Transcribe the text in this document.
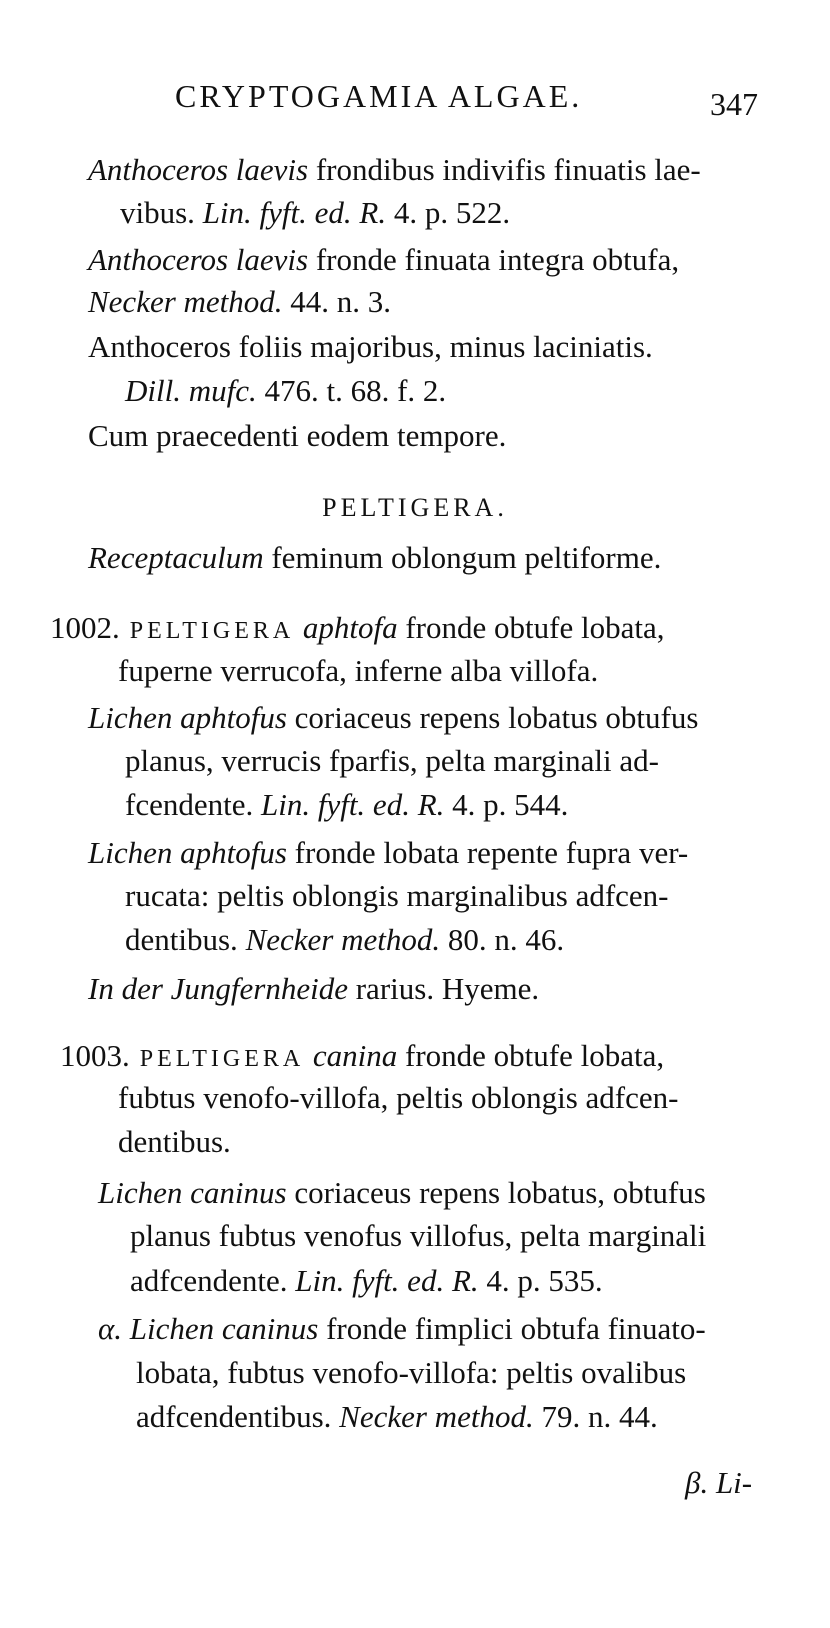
CRYPTOGAMIA ALGAE.	347
Anthoceros laevis frondibus indivifis finuatis lae-
vibus. Lin. fyft. ed. R. 4. p. 522.
Anthoceros laevis fronde finuata integra obtufa,
Necker method. 44. n. 3.
Anthoceros foliis majoribus, minus laciniatis.
Dill. mufc. 476. t. 68. f. 2.
Cum praecedenti eodem tempore.
PELTIGERA.
Receptaculum feminum oblongum peltiforme.
1002. PELTIGERA aphtofa fronde obtufe lobata,
fuperne verrucofa, inferne alba villofa.
Lichen aphtofus coriaceus repens lobatus obtufus
planus, verrucis fparfis, pelta marginali ad-
fcendente. Lin. fyft. ed. R. 4. p. 544.
Lichen aphtofus fronde lobata repente fupra ver-
rucata: peltis oblongis marginalibus adfcen-
dentibus. Necker method. 80. n. 46.
In der Jungfernheide rarius. Hyeme.
1003. PELTIGERA canina fronde obtufe lobata,
fubtus venofo-villofa, peltis oblongis adfcen-
dentibus.
Lichen caninus coriaceus repens lobatus, obtufus
planus fubtus venofus villofus, pelta marginali
adfcendente. Lin. fyft. ed. R. 4. p. 535.
α. Lichen caninus fronde fimplici obtufa finuato-
lobata, fubtus venofo-villofa: peltis ovalibus
adfcendentibus. Necker method. 79. n. 44.
β. Li-
